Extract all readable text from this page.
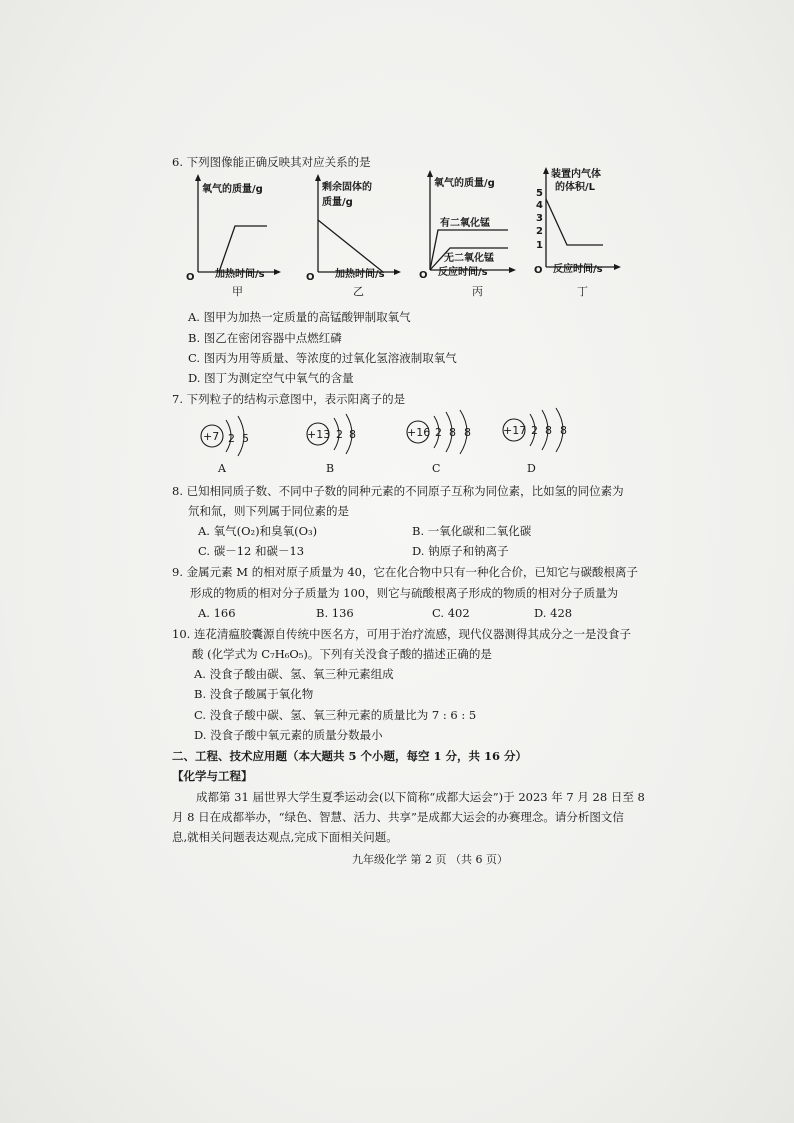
6. 下列图像能正确反映其对应关系的是
氧气的质量/g
O 加热时间/s
甲
剩余固体的
质量/g
O 加热时间/s
乙
氧气的质量/g
有二氧化锰
无二氧化锰
O 反应时间/s
丙
装置内气体
的体积/L
5
4
3
2
1
O 反应时间/s
丁
A. 图甲为加热一定质量的高锰酸钾制取氧气
B. 图乙在密闭容器中点燃红磷
C. 图丙为用等质量、等浓度的过氧化氢溶液制取氧气
D. 图丁为测定空气中氧气的含量
7. 下列粒子的结构示意图中，表示阳离子的是
+7 2 5
A
+13 2 8
B
+16 2 8 8
C
+17 2 8 8
D
8. 已知相同质子数、不同中子数的同种元素的不同原子互称为同位素，比如氢的同位素为
氘和氚，则下列属于同位素的是
A. 氧气(O₂)和臭氧(O₃)	B. 一氧化碳和二氧化碳
C. 碳－12 和碳－13	D. 钠原子和钠离子
9. 金属元素 M 的相对原子质量为 40，它在化合物中只有一种化合价，已知它与碳酸根离子
形成的物质的相对分子质量为 100，则它与硫酸根离子形成的物质的相对分子质量为
A. 166	B. 136	C. 402	D. 428
10. 连花清瘟胶囊源自传统中医名方，可用于治疗流感，现代仪器测得其成分之一是没食子
酸 (化学式为 C₇H₆O₅)。下列有关没食子酸的描述正确的是
A. 没食子酸由碳、氢、氧三种元素组成
B. 没食子酸属于氧化物
C. 没食子酸中碳、氢、氧三种元素的质量比为 7 : 6 : 5
D. 没食子酸中氧元素的质量分数最小
二、工程、技术应用题（本大题共 5 个小题，每空 1 分，共 16 分）
【化学与工程】
成都第 31 届世界大学生夏季运动会(以下简称“成都大运会”)于 2023 年 7 月 28 日至 8
月 8 日在成都举办，“绿色、智慧、活力、共享”是成都大运会的办赛理念。请分析图文信
息,就相关问题表达观点,完成下面相关问题。
九年级化学 第 2 页 （共 6 页）
